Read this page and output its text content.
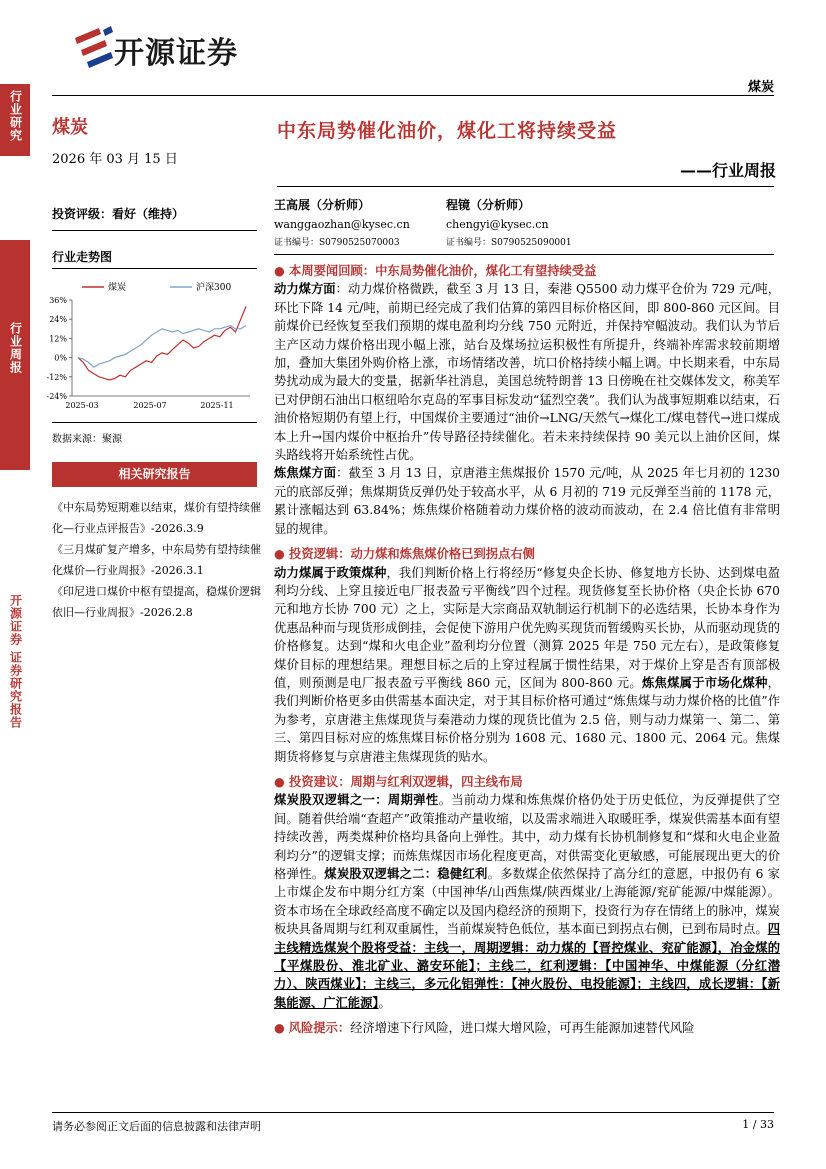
开源证券
煤炭
行业研究
行业周报
开源证券 证券研究报告
煤炭
2026 年 03 月 15 日
中东局势催化油价，煤化工将持续受益
——行业周报
投资评级：看好（维持）
行业走势图
36%
24%
12%
0%
-12%
-24%
2025-03	2025-07	2025-11
煤炭	沪深300
数据来源：聚源
相关研究报告
《中东局势短期难以结束，煤价有望持续催化—行业点评报告》-2026.3.9
《三月煤矿复产增多，中东局势有望持续催化煤价—行业周报》-2026.3.1
《印尼进口煤价中枢有望提高，稳煤价逻辑依旧—行业周报》-2026.2.8
王高展（分析师）
wanggaozhan@kysec.cn
证书编号：S0790525070003
程镜（分析师）
chengyi@kysec.cn
证书编号：S0790525090001
● 本周要闻回顾：中东局势催化油价，煤化工有望持续受益
动力煤方面：动力煤价格微跌，截至 3 月 13 日，秦港 Q5500 动力煤平仓价为 729 元/吨，环比下降 14 元/吨，前期已经完成了我们估算的第四目标价格区间，即 800-860 元区间。目前煤价已经恢复至我们预期的煤电盈利均分线 750 元附近，并保持窄幅波动。我们认为节后主产区动力煤价格出现小幅上涨，站台及煤场拉运积极性有所提升，终端补库需求较前期增加，叠加大集团外购价格上涨，市场情绪改善，坑口价格持续小幅上调。中长期来看，中东局势扰动成为最大的变量，据新华社消息，美国总统特朗普 13 日傍晚在社交媒体发文，称美军已对伊朗石油出口枢纽哈尔克岛的军事目标发动“猛烈空袭”。我们认为战事短期难以结束，石油价格短期仍有望上行，中国煤价主要通过“油价→LNG/天然气→煤化工/煤电替代→进口煤成本上升→国内煤价中枢抬升”传导路径持续催化。若未来持续保持 90 美元以上油价区间，煤头路线将开始系统性占优。
炼焦煤方面：截至 3 月 13 日，京唐港主焦煤报价 1570 元/吨，从 2025 年七月初的 1230 元的底部反弹；焦煤期货反弹仍处于较高水平，从 6 月初的 719 元反弹至当前的 1178 元，累计涨幅达到 63.84%；炼焦煤价格随着动力煤价格的波动而波动，在 2.4 倍比值有非常明显的规律。
● 投资逻辑：动力煤和炼焦煤价格已到拐点右侧
动力煤属于政策煤种，我们判断价格上行将经历“修复央企长协、修复地方长协、达到煤电盈利均分线、上穿且接近电厂报表盈亏平衡线”四个过程。现货修复至长协价格（央企长协 670 元和地方长协 700 元）之上，实际是大宗商品双轨制运行机制下的必选结果，长协本身作为优惠品种而与现货形成倒挂，会促使下游用户优先购买现货而暂缓购买长协，从而驱动现货的价格修复。达到“煤和火电企业”盈利均分位置（测算 2025 年是 750 元左右），是政策修复煤价目标的理想结果。理想目标之后的上穿过程属于惯性结果，对于煤价上穿是否有顶部极值，则预测是电厂报表盈亏平衡线 860 元，区间为 800-860 元。炼焦煤属于市场化煤种，我们判断价格更多由供需基本面决定，对于其目标价格可通过“炼焦煤与动力煤价格的比值”作为参考，京唐港主焦煤现货与秦港动力煤的现货比值为 2.5 倍，则与动力煤第一、第二、第三、第四目标对应的炼焦煤目标价格分别为 1608 元、1680 元、1800 元、2064 元。焦煤期货将修复与京唐港主焦煤现货的贴水。
● 投资建议：周期与红利双逻辑，四主线布局
煤炭股双逻辑之一：周期弹性。当前动力煤和炼焦煤价格仍处于历史低位，为反弹提供了空间。随着供给端“查超产”政策推动产量收缩，以及需求端进入取暖旺季，煤炭供需基本面有望持续改善，两类煤种价格均具备向上弹性。其中，动力煤有长协机制修复和“煤和火电企业盈利均分”的逻辑支撑；而炼焦煤因市场化程度更高，对供需变化更敏感，可能展现出更大的价格弹性。煤炭股双逻辑之二：稳健红利。多数煤企依然保持了高分红的意愿，中报仍有 6 家上市煤企发布中期分红方案（中国神华/山西焦煤/陕西煤业/上海能源/兖矿能源/中煤能源）。资本市场在全球政经高度不确定以及国内稳经济的预期下，投资行为存在情绪上的脉冲，煤炭板块具备周期与红利双重属性，当前煤炭特色低位，基本面已到拐点右侧，已到布局时点。四主线精选煤炭个股将受益：主线一，周期逻辑：动力煤的【晋控煤业、兖矿能源】，冶金煤的【平煤股份、淮北矿业、潞安环能】；主线二，红利逻辑：【中国神华、中煤能源（分红潜力）、陕西煤业】；主线三，多元化铝弹性：【神火股份、电投能源】；主线四，成长逻辑：【新集能源、广汇能源】。
● 风险提示：经济增速下行风险，进口煤大增风险，可再生能源加速替代风险
请务必参阅正文后面的信息披露和法律声明	1 / 33
